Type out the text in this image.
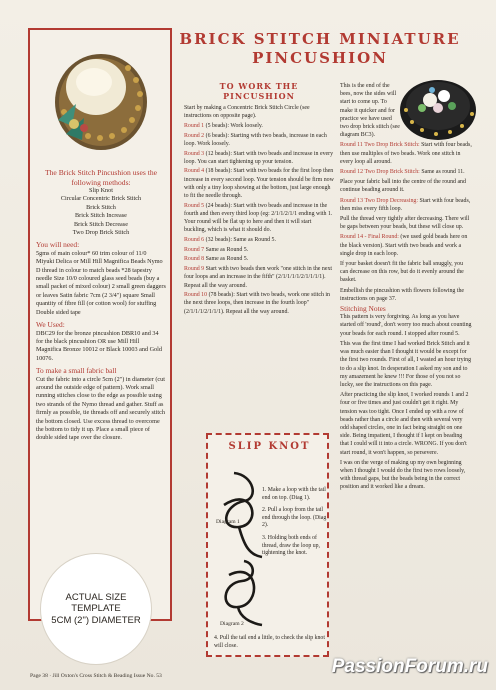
BRICK STITCH MINIATURE
PINCUSHION
The Brick Stitch Pincushion uses the following methods:
Slip Knot
Circular Concentric Brick Stitch
Brick Stitch
Brick Stitch Increase
Brick Stitch Decrease
Two Drop Brick Stitch
You will need:
5gms of main colour* 60 trim colour of 11/0 Miyuki Delica or Mill Hill Magnifica Beads Nymo D thread in colour to match beads *28 tapestry needle Size 10/0 coloured glass seed beads (buy a small packet of mixed colour) 2 small green daggers or leaves Satin fabric 7cm (2 3/4") square Small quantity of fibre fill (or cotton wool) for stuffing Double sided tape
We Used:
DBC29 for the bronze pincushion DBR10 and 34 for the black pincushion OR use Mill Hill Magnifica Bronze 10012 or Black 10003 and Gold 10076.
To make a small fabric ball
Cut the fabric into a circle 5cm (2") in diameter (cut around the outside edge of pattern). Work small running stitches close to the edge as possible using two strands of the Nymo thread and gather. Stuff as firmly as possible, tie threads off and securely stitch the bottom closed. Use excess thread to overcome the bottom to tidy it up. Place a small piece of double sided tape over the closure.
ACTUAL SIZE
TEMPLATE
5CM (2") DIAMETER
TO WORK THE
PINCUSHION

Start by making a Concentric Brick Stitch Circle (see instructions on opposite page).

Round 1 (5 beads): Work loosely.

Round 2 (6 beads): Starting with two beads, increase in each loop. Work loosely.

Round 3 (12 beads): Start with two beads and increase in every loop. You can start tightening up your tension.

Round 4 (18 beads): Start with two beads for the first loop then increase in every second loop. Your tension should be firm now with only a tiny loop showing at the bottom, just large enough to fit the needle through.

Round 5 (24 beads): Start with two beads and increase in the fourth and then every third loop (eg: 2/1/1/2/1/1 ending with 1. Your round will be flat up to here and then it will start buckling, which is what it should do.

Round 6 (32 beads): Same as Round 5.

Round 7 Same as Round 5.

Round 8 Same as Round 5.

Round 9 Start with two beads then work "one stitch in the next four loops and an increase in the fifth" (2/1/1/1/1/2/1/1/1/1). Repeat all the way around.

Round 10 (78 beads): Start with two beads, work one stitch in the next three loops, then increase in the fourth loop" (2/1/1/1/2/1/1/1). Repeat all the way around.

SLIP KNOT
Diagram 1
Diagram 2

1. Make a loop with the tail end on top. (Diag 1).

2. Pull a loop from the tail end through the loop. (Diag 2).

3. Holding both ends of thread, draw the loop up, tightening the knot.

4. Pull the tail end a little, to check the slip knot will close.

This is the end of the bees, now the sides will start to come up. To make it quicker and for practice we have used two drop brick stitch (see diagram BC3).

Round 11 Two Drop Brick Stitch: Start with four beads, then use multiples of two beads. Work one stitch in every loop all around.

Round 12 Two Drop Brick Stitch: Same as round 11.

Place your fabric ball into the centre of the round and continue beading around it.

Round 13 Two Drop Decreasing: Start with four beads, then miss every fifth loop.

Pull the thread very tightly after decreasing. There will be gaps between your beads, but these will close up.

Round 14 - Final Round: (we used gold beads here on the black version). Start with two beads and work a single drop in each loop.

If your basket doesn't fit the fabric ball snuggly, you can decrease on this row, but do it evenly around the basket.

Embellish the pincushion with flowers following the instructions on page 37.

Stitching Notes

This pattern is very forgiving. As long as you have started off 'round', don't worry too much about counting your beads for each round. I stopped after round 5.

This was the first time I had worked Brick Stitch and it was much easier than I thought it would be except for the first two rounds. First of all, I wasted an hour trying to do a slip knot. In desperation I asked my son and to my amazement he knew !!! For those of you not so lucky, see the instructions on this page.

After practicing the slip knot, I worked rounds 1 and 2 four or five times and just couldn't get it right. My tension was too tight. Once I ended up with a row of beads rather than a circle and then with several very odd shaped circles, one in fact being straight on one side. Being impatient, I thought if I kept on beading that I could will it into a circle. WRONG. If you don't start round, it won't happen, so persevere.

I was on the verge of making up my own beginning when I thought I would do the first two rows loosely, with thread gaps, but the beads being in the correct position and it worked like a dream.

Page 38 · Jill Oxton's Cross Stitch & Beading Issue No. 53	PassionForum.ru
